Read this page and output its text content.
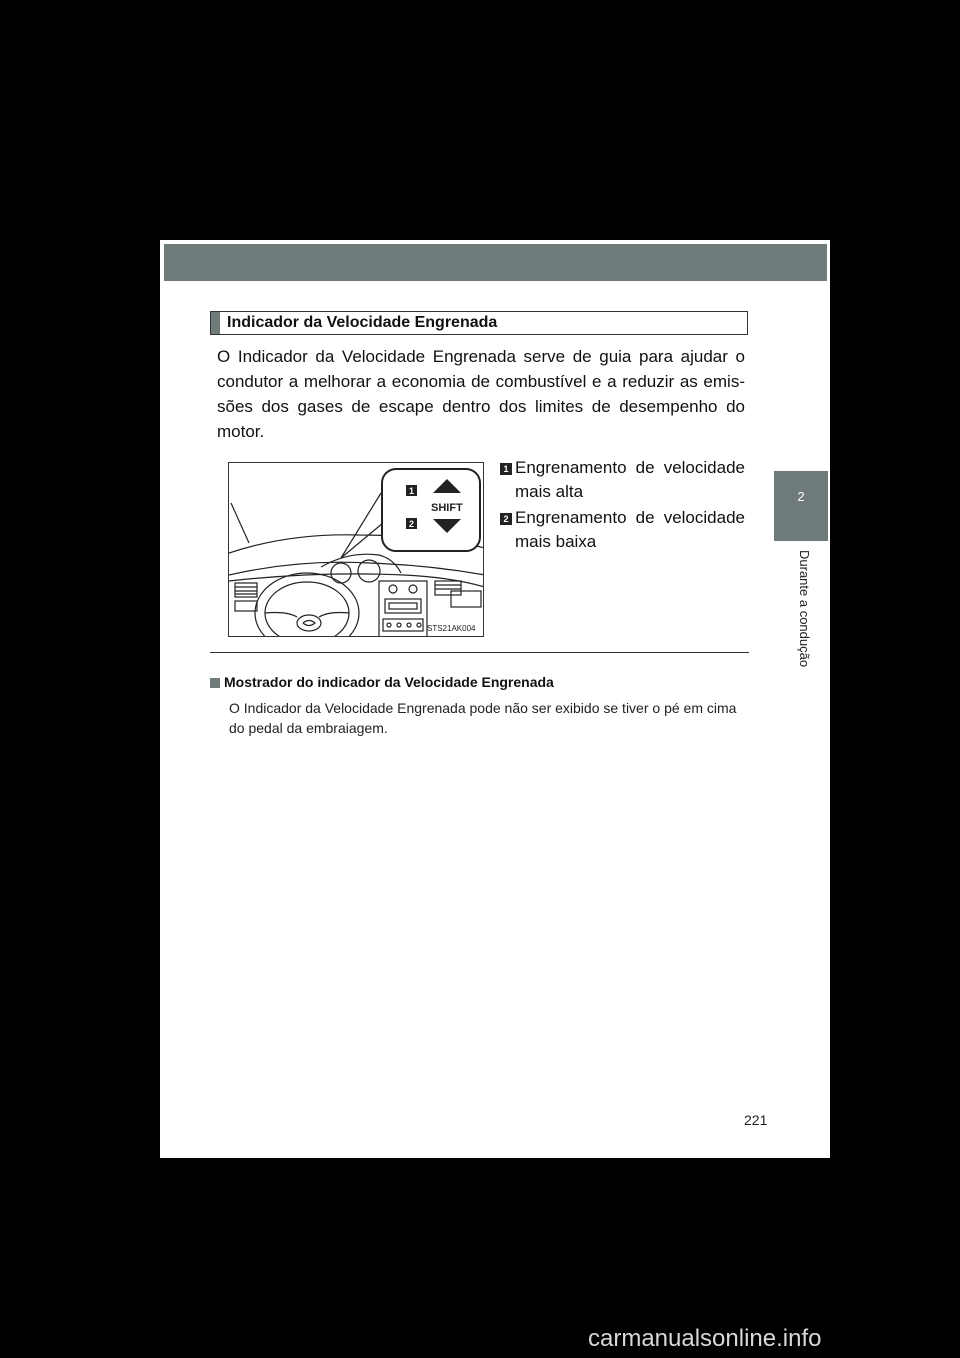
2
Durante a condução
Indicador da Velocidade Engrenada
O Indicador da Velocidade Engrenada serve de guia para ajudar o condutor a melhorar a economia de combustível e a reduzir as emis-sões dos gases de escape dentro dos limites de desempenho do motor.
1
SHIFT
2
STS21AK004
1 Engrenamento de velocidade mais alta
2 Engrenamento de velocidade mais baixa
Mostrador do indicador da Velocidade Engrenada
O Indicador da Velocidade Engrenada pode não ser exibido se tiver o pé em cima do pedal da embraiagem.
221
carmanualsonline.info
